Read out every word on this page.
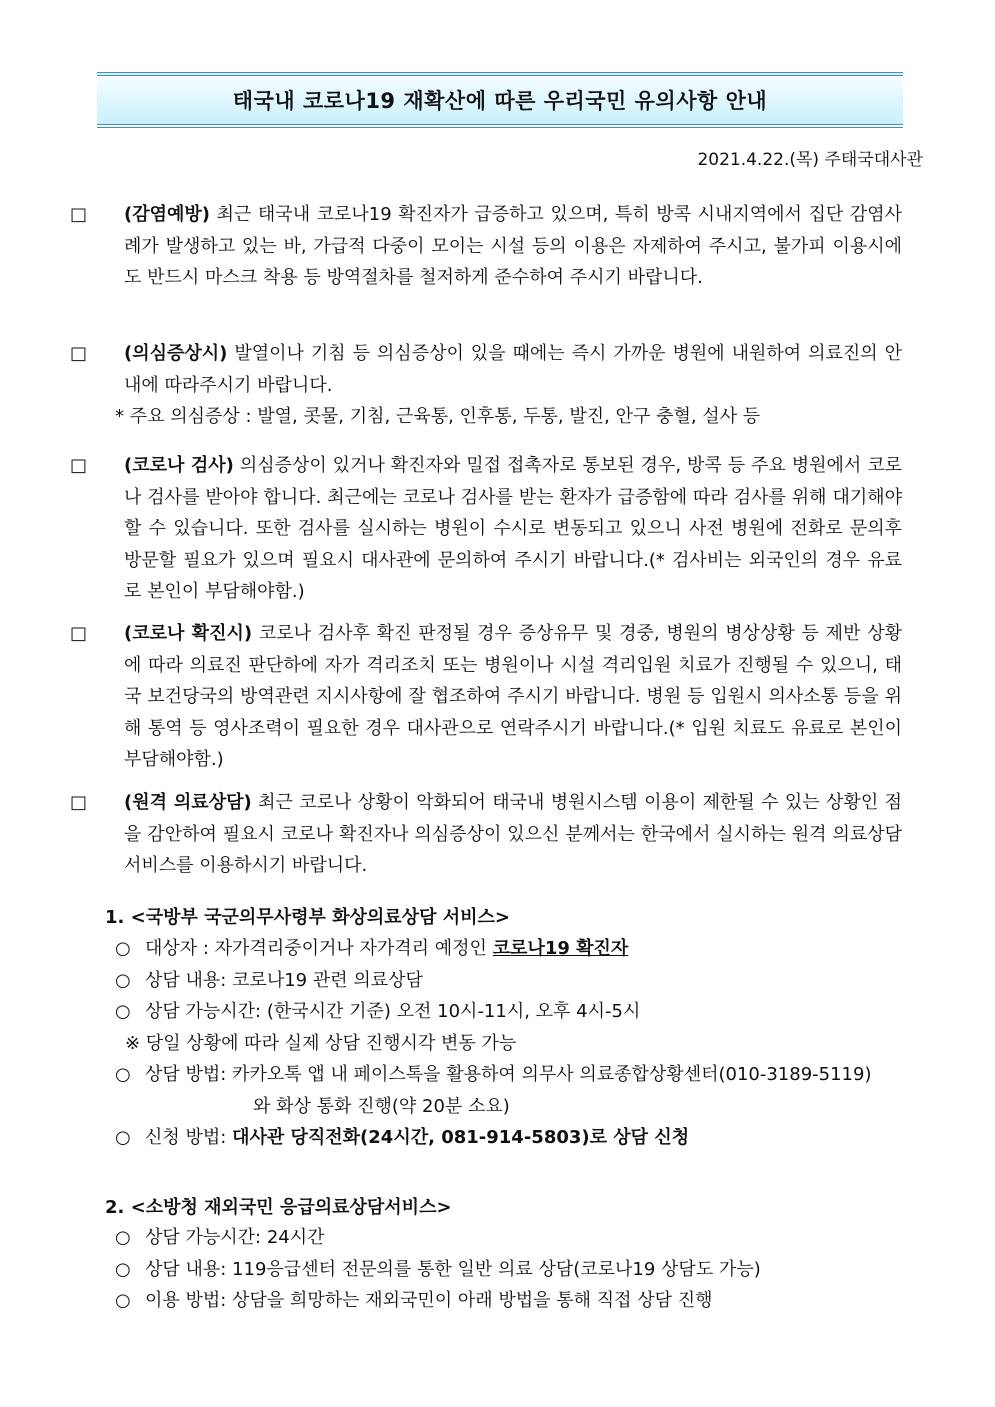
태국내 코로나19 재확산에 따른 우리국민 유의사항 안내
2021.4.22.(목) 주태국대사관

□ (감염예방) 최근 태국내 코로나19 확진자가 급증하고 있으며, 특히 방콕 시내지역에서 집단 감염사례가 발생하고 있는 바, 가급적 다중이 모이는 시설 등의 이용은 자제하여 주시고, 불가피 이용시에도 반드시 마스크 착용 등 방역절차를 철저하게 준수하여 주시기 바랍니다.

□ (의심증상시) 발열이나 기침 등 의심증상이 있을 때에는 즉시 가까운 병원에 내원하여 의료진의 안내에 따라주시기 바랍니다.

* 주요 의심증상 : 발열, 콧물, 기침, 근육통, 인후통, 두통, 발진, 안구 충혈, 설사 등

□ (코로나 검사) 의심증상이 있거나 확진자와 밀접 접촉자로 통보된 경우, 방콕 등 주요 병원에서 코로나 검사를 받아야 합니다. 최근에는 코로나 검사를 받는 환자가 급증함에 따라 검사를 위해 대기해야할 수 있습니다. 또한 검사를 실시하는 병원이 수시로 변동되고 있으니 사전 병원에 전화로 문의후 방문할 필요가 있으며 필요시 대사관에 문의하여 주시기 바랍니다.(* 검사비는 외국인의 경우 유료로 본인이 부담해야함.)

□ (코로나 확진시) 코로나 검사후 확진 판정될 경우 증상유무 및 경중, 병원의 병상상황 등 제반 상황에 따라 의료진 판단하에 자가 격리조치 또는 병원이나 시설 격리입원 치료가 진행될 수 있으니, 태국 보건당국의 방역관련 지시사항에 잘 협조하여 주시기 바랍니다. 병원 등 입원시 의사소통 등을 위해 통역 등 영사조력이 필요한 경우 대사관으로 연락주시기 바랍니다.(* 입원 치료도 유료로 본인이 부담해야함.)

□ (원격 의료상담) 최근 코로나 상황이 악화되어 태국내 병원시스템 이용이 제한될 수 있는 상황인 점을 감안하여 필요시 코로나 확진자나 의심증상이 있으신 분께서는 한국에서 실시하는 원격 의료상담 서비스를 이용하시기 바랍니다.

1. <국방부 국군의무사령부 화상의료상담 서비스>
○ 대상자 : 자가격리중이거나 자가격리 예정인 코로나19 확진자
○ 상담 내용: 코로나19 관련 의료상담
○ 상담 가능시간: (한국시간 기준) 오전 10시-11시, 오후 4시-5시
※ 당일 상황에 따라 실제 상담 진행시각 변동 가능
○ 상담 방법: 카카오톡 앱 내 페이스톡을 활용하여 의무사 의료종합상황센터(010-3189-5119)
와 화상 통화 진행(약 20분 소요)
○ 신청 방법: 대사관 당직전화(24시간, 081-914-5803)로 상담 신청
2. <소방청 재외국민 응급의료상담서비스>
○ 상담 가능시간: 24시간
○ 상담 내용: 119응급센터 전문의를 통한 일반 의료 상담(코로나19 상담도 가능)
○ 이용 방법: 상담을 희망하는 재외국민이 아래 방법을 통해 직접 상담 진행
